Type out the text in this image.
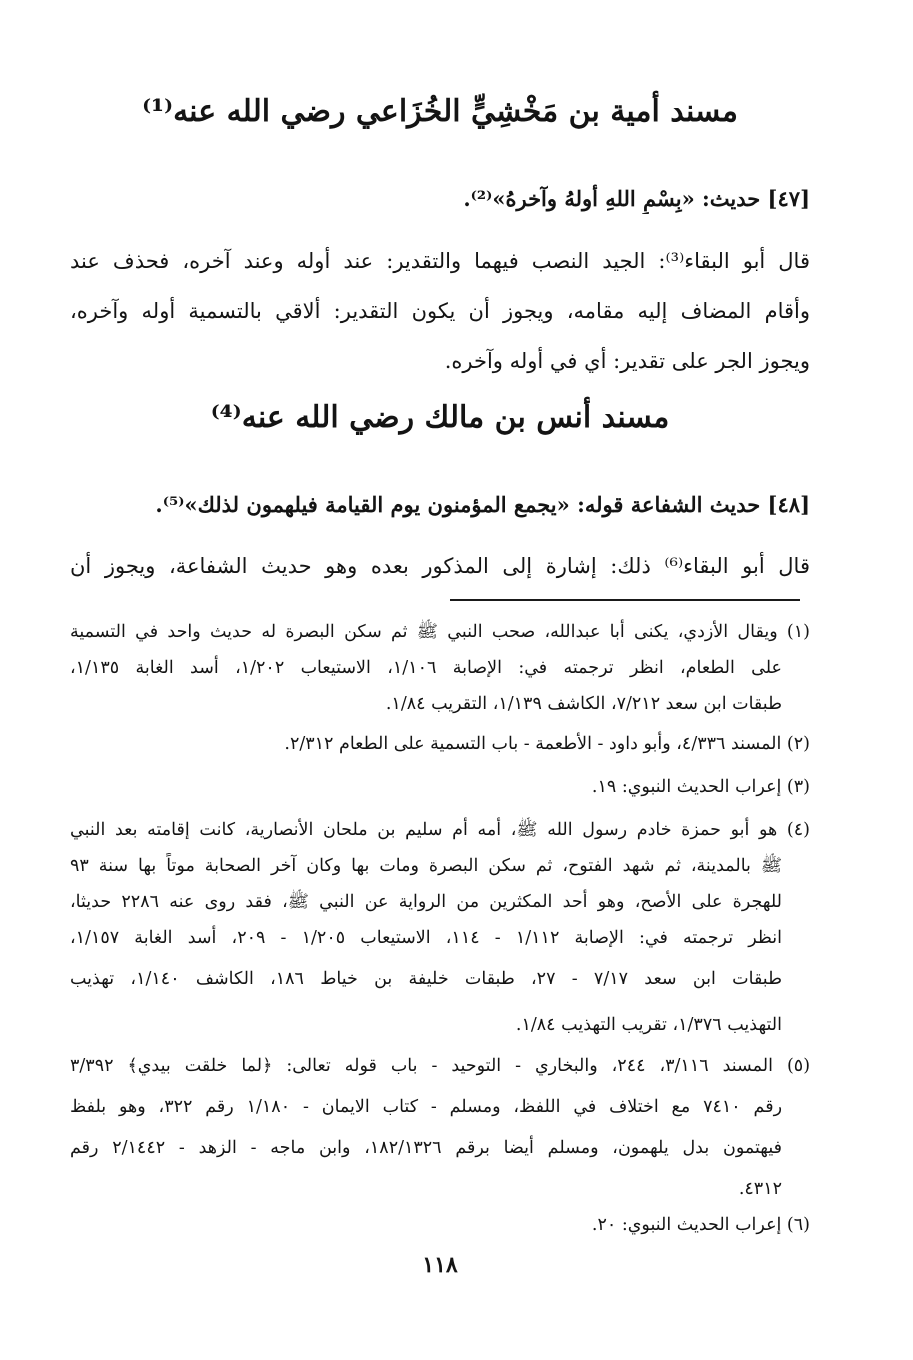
مسند أمية بن مَخْشِيٍّ الخُزَاعي رضي الله عنه⁽¹⁾
[٤٧] حديث: «بِسْمِ اللهِ أولهُ وآخرهُ»⁽²⁾.
قال أبو البقاء⁽³⁾: الجيد النصب فيهما والتقدير: عند أوله وعند آخره، فحذف عند
وأقام المضاف إليه مقامه، ويجوز أن يكون التقدير: ألاقي بالتسمية أوله وآخره،
ويجوز الجر على تقدير: أي في أوله وآخره.
مسند أنس بن مالك رضي الله عنه⁽⁴⁾
[٤٨] حديث الشفاعة قوله: «يجمع المؤمنون يوم القيامة فيلهمون لذلك»⁽⁵⁾.
قال أبو البقاء⁽⁶⁾ ذلك: إشارة إلى المذكور بعده وهو حديث الشفاعة، ويجوز أن
(١) ويقال الأزدي، يكنى أبا عبدالله، صحب النبي ﷺ ثم سكن البصرة له حديث واحد في التسمية
على الطعام، انظر ترجمته في: الإصابة ١/١٠٦، الاستيعاب ١/٢٠٢، أسد الغابة ١/١٣٥،
طبقات ابن سعد ٧/٢١٢، الكاشف ١/١٣٩، التقريب ١/٨٤.
(٢) المسند ٤/٣٣٦، وأبو داود - الأطعمة - باب التسمية على الطعام ٢/٣١٢.
(٣) إعراب الحديث النبوي: ١٩.
(٤) هو أبو حمزة خادم رسول الله ﷺ، أمه أم سليم بن ملحان الأنصارية، كانت إقامته بعد النبي
ﷺ بالمدينة، ثم شهد الفتوح، ثم سكن البصرة ومات بها وكان آخر الصحابة موتاً بها سنة ٩٣
للهجرة على الأصح، وهو أحد المكثرين من الرواية عن النبي ﷺ، فقد روى عنه ٢٢٨٦ حديثا،
انظر ترجمته في: الإصابة ١/١١٢ - ١١٤، الاستيعاب ١/٢٠٥ - ٢٠٩، أسد الغابة ١/١٥٧،
طبقات ابن سعد ٧/١٧ - ٢٧، طبقات خليفة بن خياط ١٨٦، الكاشف ١/١٤٠، تهذيب
التهذيب ١/٣٧٦، تقريب التهذيب ١/٨٤.
(٥) المسند ٣/١١٦، ٢٤٤، والبخاري - التوحيد - باب قوله تعالى: ﴿لما خلقت بيدي﴾ ٣/٣٩٢
رقم ٧٤١٠ مع اختلاف في اللفظ، ومسلم - كتاب الايمان - ١/١٨٠ رقم ٣٢٢، وهو بلفظ
فيهتمون بدل يلهمون، ومسلم أيضا برقم ١٨٢/١٣٢٦، وابن ماجه - الزهد - ٢/١٤٤٢ رقم
٤٣١٢.
(٦) إعراب الحديث النبوي: ٢٠.
١١٨
